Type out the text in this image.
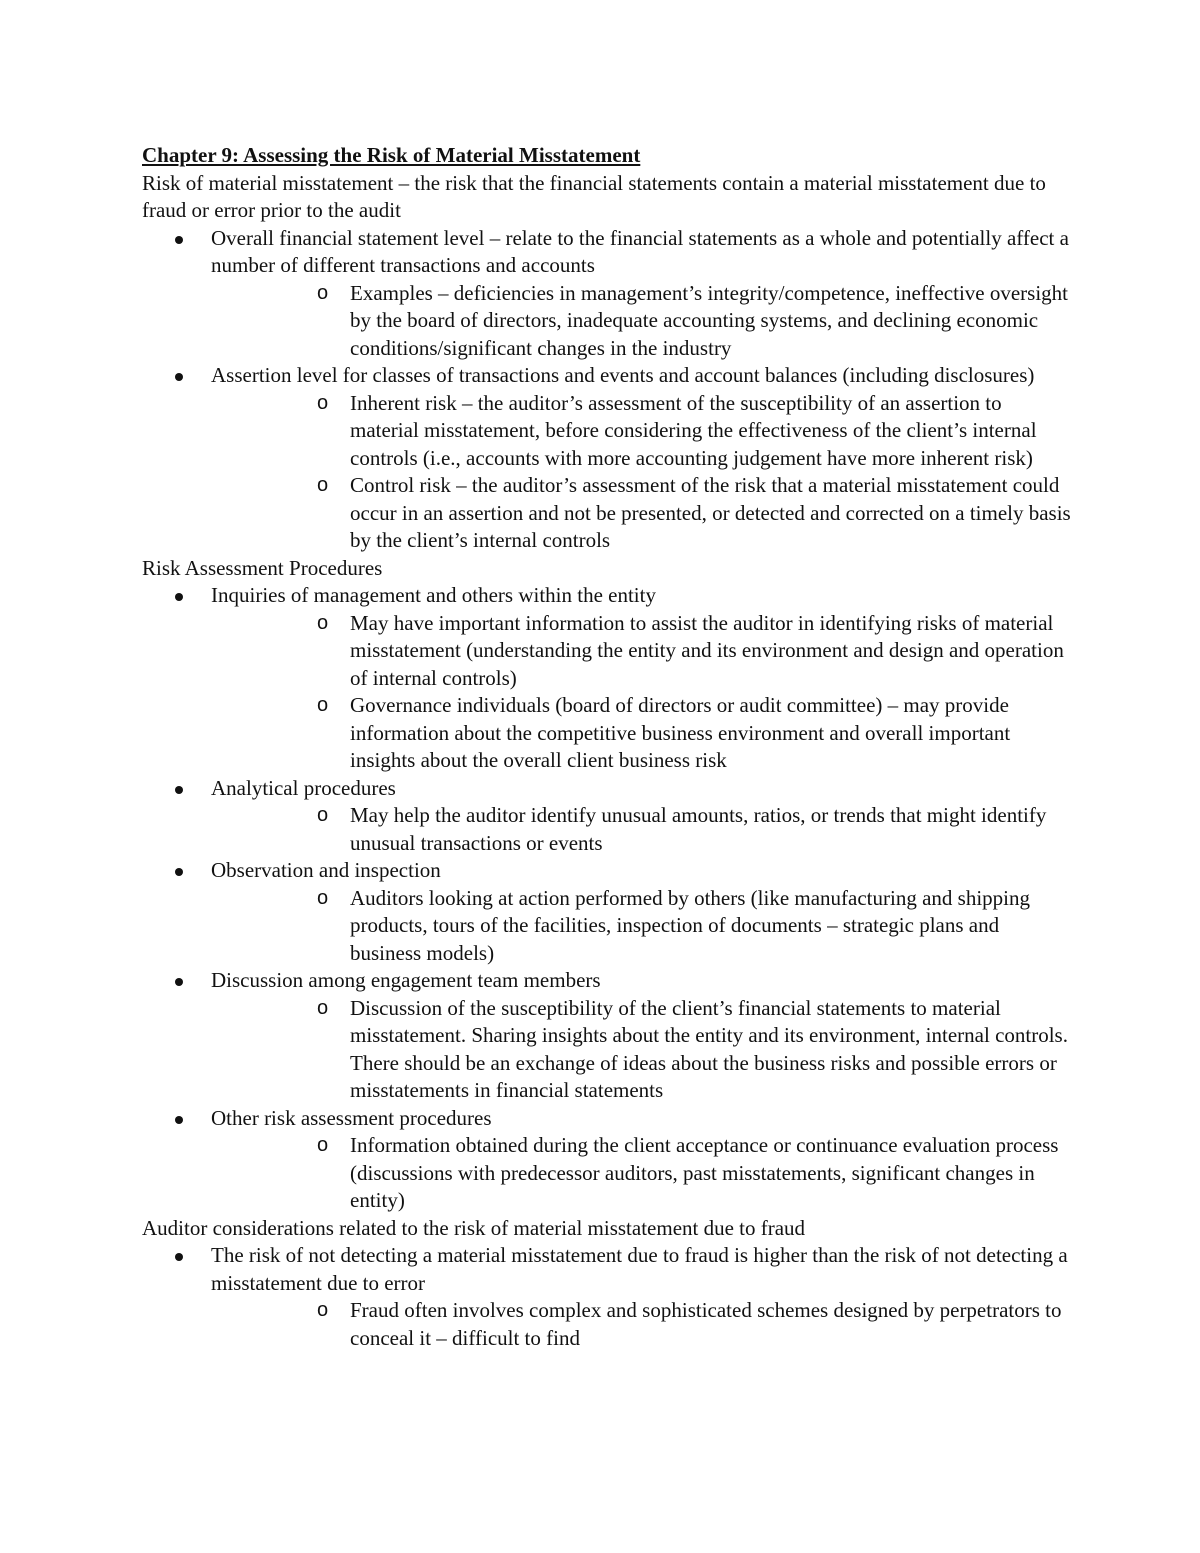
Chapter 9: Assessing the Risk of Material Misstatement

Risk of material misstatement – the risk that the financial statements contain a material misstatement due to fraud or error prior to the audit

Overall financial statement level – relate to the financial statements as a whole and potentially affect a number of different transactions and accounts
o Examples – deficiencies in management’s integrity/competence, ineffective oversight by the board of directors, inadequate accounting systems, and declining economic conditions/significant changes in the industry
Assertion level for classes of transactions and events and account balances (including disclosures)
o Inherent risk – the auditor’s assessment of the susceptibility of an assertion to material misstatement, before considering the effectiveness of the client’s internal controls (i.e., accounts with more accounting judgement have more inherent risk)
o Control risk – the auditor’s assessment of the risk that a material misstatement could occur in an assertion and not be presented, or detected and corrected on a timely basis by the client’s internal controls

Risk Assessment Procedures

Inquiries of management and others within the entity
o May have important information to assist the auditor in identifying risks of material misstatement (understanding the entity and its environment and design and operation of internal controls)
o Governance individuals (board of directors or audit committee) – may provide information about the competitive business environment and overall important insights about the overall client business risk
Analytical procedures
o May help the auditor identify unusual amounts, ratios, or trends that might identify unusual transactions or events
Observation and inspection
o Auditors looking at action performed by others (like manufacturing and shipping products, tours of the facilities, inspection of documents – strategic plans and business models)
Discussion among engagement team members
o Discussion of the susceptibility of the client’s financial statements to material misstatement. Sharing insights about the entity and its environment, internal controls. There should be an exchange of ideas about the business risks and possible errors or misstatements in financial statements
Other risk assessment procedures
o Information obtained during the client acceptance or continuance evaluation process (discussions with predecessor auditors, past misstatements, significant changes in entity)

Auditor considerations related to the risk of material misstatement due to fraud

The risk of not detecting a material misstatement due to fraud is higher than the risk of not detecting a misstatement due to error
o Fraud often involves complex and sophisticated schemes designed by perpetrators to conceal it – difficult to find
